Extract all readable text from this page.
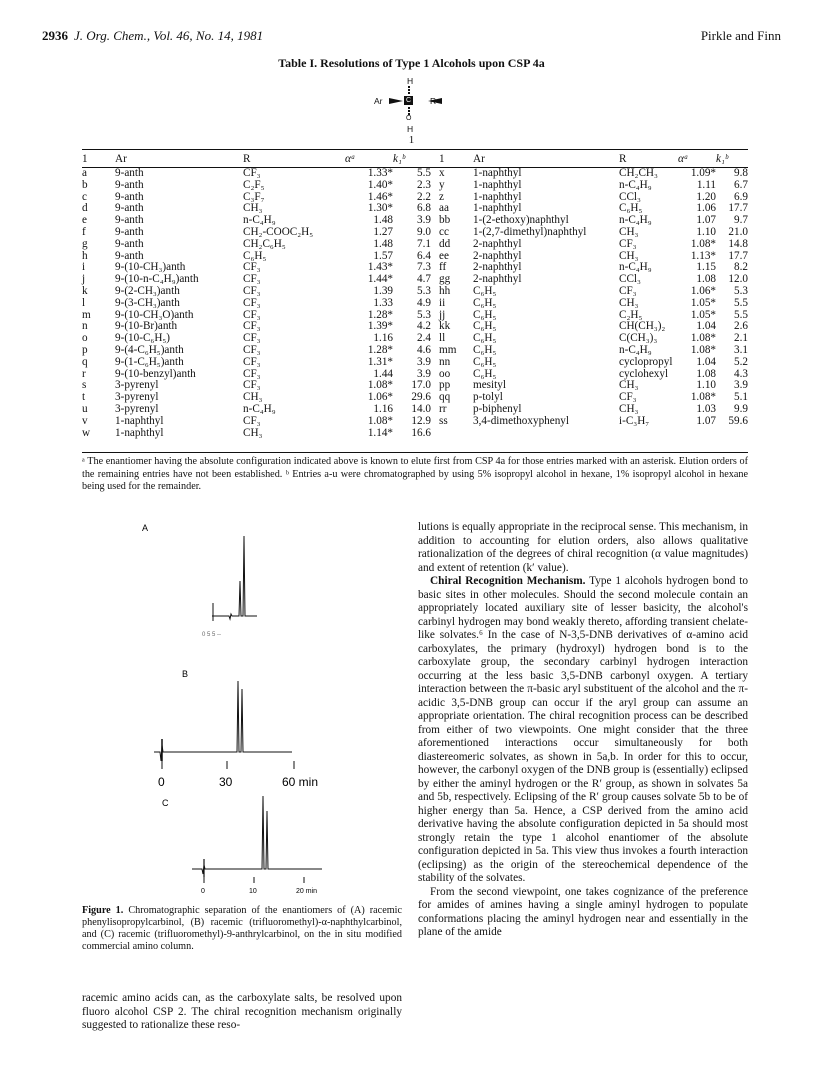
2936 J. Org. Chem., Vol. 46, No. 14, 1981	Pirkle and Finn
Table I. Resolutions of Type 1 Alcohols upon CSP 4a
H
Ar	C R
O
H
1
1	Ar	R	αᵃ	k₁ᵇ	1	Ar	R	αᵃ	k₁ᵇ
a	9-anth	CF₃	1.33*	5.5	x	1-naphthyl	CH₂CH₃	1.09*	9.8
b	9-anth	C₂F₅	1.40*	2.3	y	1-naphthyl	n-C₄H₉	1.11	6.7
c	9-anth	C₃F₇	1.46*	2.2	z	1-naphthyl	CCl₃	1.20	6.9
d	9-anth	CH₃	1.30*	6.8	aa	1-naphthyl	C₆H₅	1.06	17.7
e	9-anth	n-C₄H₉	1.48	3.9	bb	1-(2-ethoxy)naphthyl	n-C₄H₉	1.07	9.7
f	9-anth	CH₂-COOC₂H₅	1.27	9.0	cc	1-(2,7-dimethyl)naphthyl	CH₃	1.10	21.0
g	9-anth	CH₂C₆H₅	1.48	7.1	dd	2-naphthyl	CF₃	1.08*	14.8
h	9-anth	C₆H₅	1.57	6.4	ee	2-naphthyl	CH₃	1.13*	17.7
i	9-(10-CH₃)anth	CF₃	1.43*	7.3	ff	2-naphthyl	n-C₄H₉	1.15	8.2
j	9-(10-n-C₄H₉)anth	CF₃	1.44*	4.7	gg	2-naphthyl	CCl₃	1.08	12.0
k	9-(2-CH₃)anth	CF₃	1.39	5.3	hh	C₆H₅	CF₃	1.06*	5.3
l	9-(3-CH₃)anth	CF₃	1.33	4.9	ii	C₆H₅	CH₃	1.05*	5.5
m	9-(10-CH₃O)anth	CF₃	1.28*	5.3	jj	C₆H₅	C₂H₅	1.05*	5.5
n	9-(10-Br)anth	CF₃	1.39*	4.2	kk	C₆H₅	CH(CH₃)₂	1.04	2.6
o	9-(10-C₆H₅)	CF₃	1.16	2.4	ll	C₆H₅	C(CH₃)₃	1.08*	2.1
p	9-(4-C₆H₅)anth	CF₃	1.28*	4.6	mm	C₆H₅	n-C₄H₉	1.08*	3.1
q	9-(1-C₆H₅)anth	CF₃	1.31*	3.9	nn	C₆H₅	cyclopropyl	1.04	5.2
r	9-(10-benzyl)anth	CF₃	1.44	3.9	oo	C₆H₅	cyclohexyl	1.08	4.3
s	3-pyrenyl	CF₃	1.08*	17.0	pp	mesityl	CH₃	1.10	3.9
t	3-pyrenyl	CH₃	1.06*	29.6	qq	p-tolyl	CF₃	1.08*	5.1
u	3-pyrenyl	n-C₄H₉	1.16	14.0	rr	p-biphenyl	CH₃	1.03	9.9
v	1-naphthyl	CF₃	1.08*	12.9	ss	3,4-dimethoxyphenyl	i-C₃H₇	1.07	59.6
w	1-naphthyl	CH₃	1.14*	16.6					
ᵃ The enantiomer having the absolute configuration indicated above is known to elute first from CSP 4a for those entries marked with an asterisk. Elution orders of the remaining entries have not been established. ᵇ Entries a-u were chromatographed by using 5% isopropyl alcohol in hexane, 1% isopropyl alcohol in hexane being used for the remainder.
A
0 5 5 --
B
0	30	60 min
C
0	10	20 min
Figure 1. Chromatographic separation of the enantiomers of (A) racemic phenylisopropylcarbinol, (B) racemic (trifluoromethyl)-α-naphthylcarbinol, and (C) racemic (trifluoromethyl)-9-anthrylcarbinol, on the in situ modified commercial amino column.
racemic amino acids can, as the carboxylate salts, be resolved upon fluoro alcohol CSP 2. The chiral recognition mechanism originally suggested to rationalize these reso-

lutions is equally appropriate in the reciprocal sense. This mechanism, in addition to accounting for elution orders, also allows qualitative rationalization of the degrees of chiral recognition (α value magnitudes) and extent of retention (k′ value).

Chiral Recognition Mechanism. Type 1 alcohols hydrogen bond to basic sites in other molecules. Should the second molecule contain an appropriately located auxiliary site of lesser basicity, the alcohol's carbinyl hydrogen may bond weakly thereto, affording transient chelate-like solvates.⁶ In the case of N-3,5-DNB derivatives of α-amino acid carboxylates, the primary (hydroxyl) hydrogen bond is to the carboxylate group, the secondary carbinyl hydrogen interaction occurring at the less basic 3,5-DNB carbonyl oxygen. A tertiary interaction between the π-basic aryl substituent of the alcohol and the π-acidic 3,5-DNB group can occur if the aryl group can assume an appropriate orientation. The chiral recognition process can be described from either of two viewpoints. One might consider that the three aforementioned interactions occur simultaneously for both diastereomeric solvates, as shown in 5a,b. In order for this to occur, however, the carbonyl oxygen of the DNB group is (essentially) eclipsed by either the aminyl hydrogen or the R′ group, as shown in solvates 5a and 5b, respectively. Eclipsing of the R′ group causes solvate 5b to be of higher energy than 5a. Hence, a CSP derived from the amino acid derivative having the absolute configuration depicted in 5a should most strongly retain the type 1 alcohol enantiomer of the absolute configuration depicted in 5a. This view thus invokes a fourth interaction (eclipsing) as the origin of the stereochemical dependence of the stability of the solvates.

From the second viewpoint, one takes cognizance of the preference for amides of amines having a single aminyl hydrogen to populate conformations placing the aminyl hydrogen near and essentially in the plane of the amide
